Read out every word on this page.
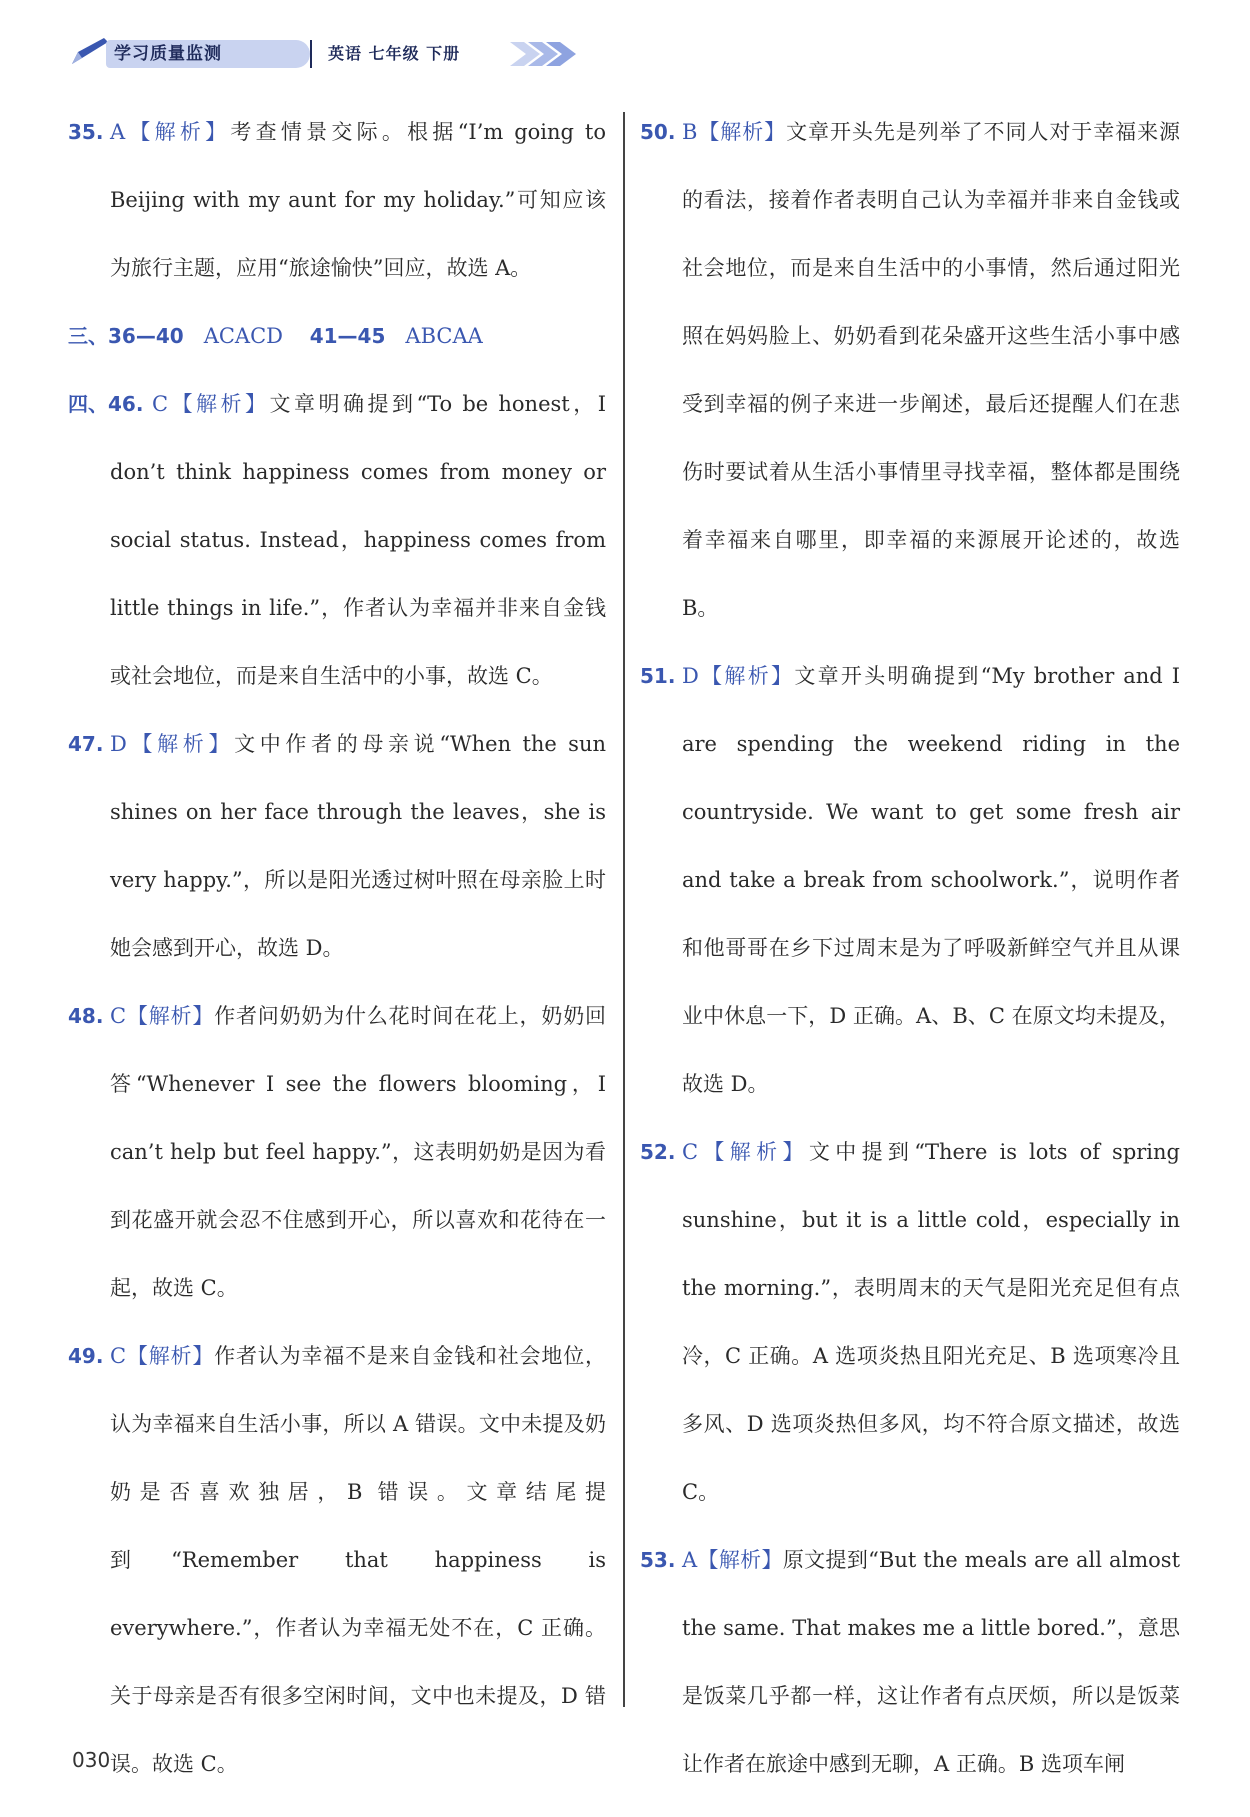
学习质量监测	英语 七年级 下册
35. A【解析】考查情景交际。根据“I’m going to Beijing with my aunt for my holiday.”可知应该为旅行主题，应用“旅途愉快”回应，故选 A。
三、36—40 ACACD 41—45 ABCAA
四、46. C【解析】文章明确提到“To be honest，I don’t think happiness comes from money or social status. Instead，happiness comes from little things in life.”，作者认为幸福并非来自金钱或社会地位，而是来自生活中的小事，故选 C。
47. D【解析】文中作者的母亲说“When the sun shines on her face through the leaves，she is very happy.”，所以是阳光透过树叶照在母亲脸上时她会感到开心，故选 D。
48. C【解析】作者问奶奶为什么花时间在花上，奶奶回答“Whenever I see the flowers blooming，I can’t help but feel happy.”，这表明奶奶是因为看到花盛开就会忍不住感到开心，所以喜欢和花待在一起，故选 C。
49. C【解析】作者认为幸福不是来自金钱和社会地位，认为幸福来自生活小事，所以 A 错误。文中未提及奶奶是否喜欢独居，B 错误。文章结尾提到“Remember that happiness is everywhere.”，作者认为幸福无处不在，C 正确。关于母亲是否有很多空闲时间，文中也未提及，D 错误。故选 C。
50. B【解析】文章开头先是列举了不同人对于幸福来源的看法，接着作者表明自己认为幸福并非来自金钱或社会地位，而是来自生活中的小事情，然后通过阳光照在妈妈脸上、奶奶看到花朵盛开这些生活小事中感受到幸福的例子来进一步阐述，最后还提醒人们在悲伤时要试着从生活小事情里寻找幸福，整体都是围绕着幸福来自哪里，即幸福的来源展开论述的，故选 B。
51. D【解析】文章开头明确提到“My brother and I are spending the weekend riding in the countryside. We want to get some fresh air and take a break from schoolwork.”，说明作者和他哥哥在乡下过周末是为了呼吸新鲜空气并且从课业中休息一下，D 正确。A、B、C 在原文均未提及，故选 D。
52. C【解析】文中提到“There is lots of spring sunshine，but it is a little cold，especially in the morning.”，表明周末的天气是阳光充足但有点冷，C 正确。A 选项炎热且阳光充足、B 选项寒冷且多风、D 选项炎热但多风，均不符合原文描述，故选 C。
53. A【解析】原文提到“But the meals are all almost the same. That makes me a little bored.”，意思是饭菜几乎都一样，这让作者有点厌烦，所以是饭菜让作者在旅途中感到无聊，A 正确。B 选项车闸
030
